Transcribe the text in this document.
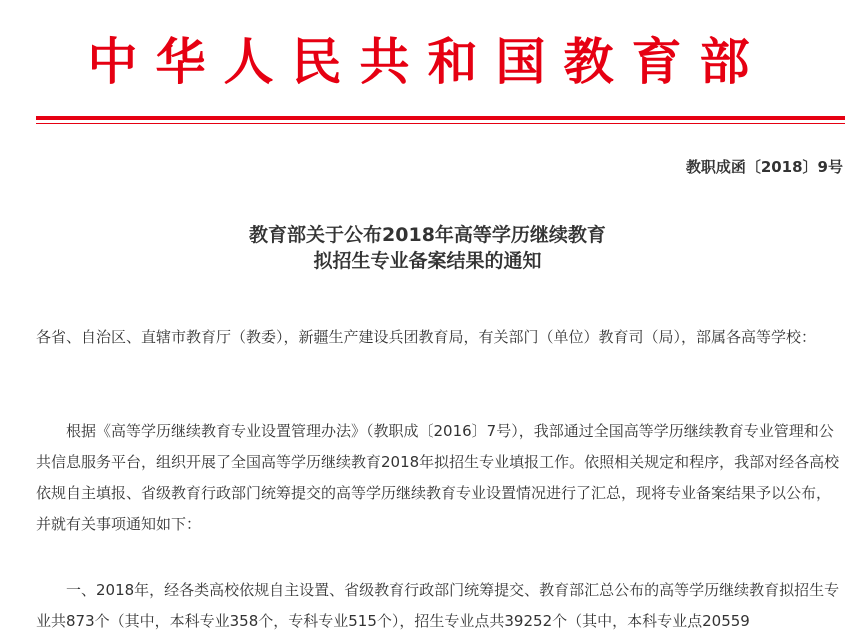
中华人民共和国教育部
教职成函〔2018〕9号
教育部关于公布2018年高等学历继续教育
拟招生专业备案结果的通知

各省、自治区、直辖市教育厅（教委），新疆生产建设兵团教育局，有关部门（单位）教育司（局），部属各高等学校：

根据《高等学历继续教育专业设置管理办法》（教职成〔2016〕7号），我部通过全国高等学历继续教育专业管理和公共信息服务平台，组织开展了全国高等学历继续教育2018年拟招生专业填报工作。依照相关规定和程序，我部对经各高校依规自主填报、省级教育行政部门统筹提交的高等学历继续教育专业设置情况进行了汇总，现将专业备案结果予以公布，并就有关事项通知如下：

一、2018年，经各类高校依规自主设置、省级教育行政部门统筹提交、教育部汇总公布的高等学历继续教育拟招生专业共873个（其中，本科专业358个，专科专业515个），招生专业点共39252个（其中，本科专业点20559
